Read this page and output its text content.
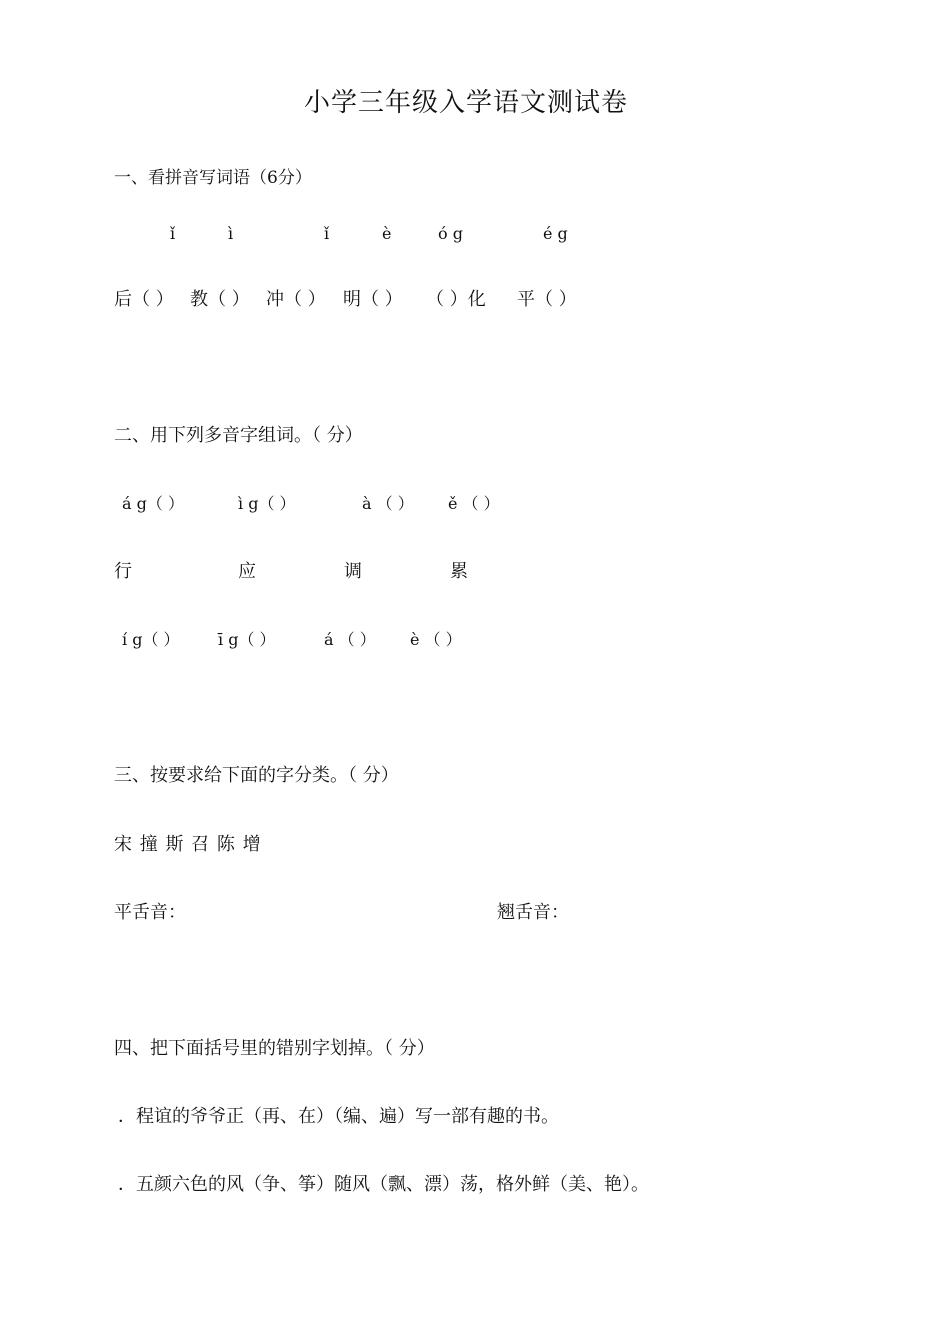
小学三年级入学语文测试卷
一、看拼音写词语（6分）
ǐ	ì	ǐ	è	ó g	é g
后（ ） 教（ ） 冲（ ） 明（ ） （ ）化 平（ ）
二、用下列多音字组词。（ 分）
á g（ ）	ì g（ ）	à （ ） ě （ ）
行	应	调	累
í g（ ） ī g（ ）	á （ ） è （ ）
三、按要求给下面的字分类。（ 分）
宋 撞 斯 召 陈 增
平舌音：	翘舌音：
四、把下面括号里的错别字划掉。（ 分）
．程谊的爷爷正（再、在）（编、遍）写一部有趣的书。
．五颜六色的风（争、筝）随风（飘、漂）荡，格外鲜（美、艳）。
